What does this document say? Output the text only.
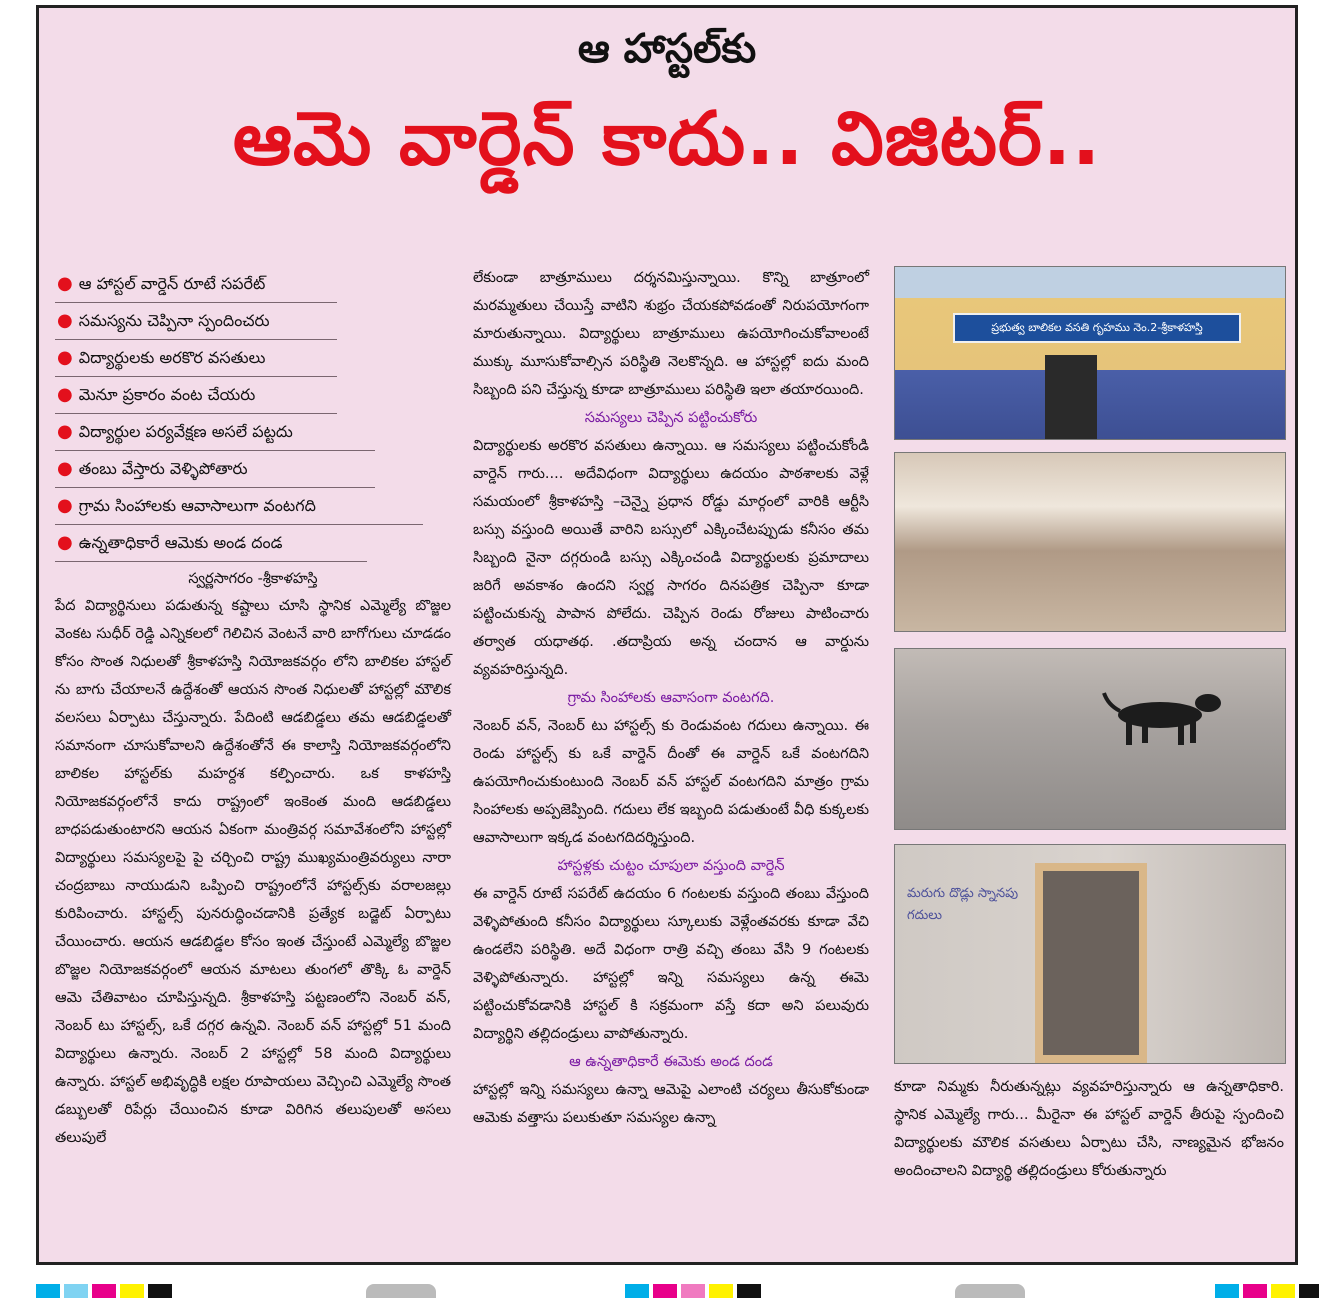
ఆ హాస్టల్‌కు
ఆమె వార్డెన్ కాదు.. విజిటర్..
● ఆ హాస్టల్ వార్డెన్ రూటే సపరేట్
● సమస్యను చెప్పినా స్పందించరు
● విద్యార్థులకు అరకొర వసతులు
● మెనూ ప్రకారం వంట చేయరు
● విద్యార్థుల పర్యవేక్షణ అసలే పట్టదు
● తంబు వేస్తారు వెళ్ళిపోతారు
● గ్రామ సింహాలకు ఆవాసాలుగా వంటగది
● ఉన్నతాధికారే ఆమెకు అండ దండ
స్వర్ణసాగరం -శ్రీకాళహస్తి

పేద విద్యార్థినులు పడుతున్న కష్టాలు చూసి స్థానిక ఎమ్మెల్యే బొజ్జల వెంకట సుధీర్ రెడ్డి ఎన్నికలలో గెలిచిన వెంటనే వారి బాగోగులు చూడడం కోసం సొంత నిధులతో శ్రీకాళహస్తి నియోజకవర్గం లోని బాలికల హాస్టల్ ను బాగు చేయాలనే ఉద్దేశంతో ఆయన సొంత నిధులతో హాస్టల్లో మౌలిక వలసలు ఏర్పాటు చేస్తున్నారు. పేదింటి ఆడబిడ్డలు తమ ఆడబిడ్డలతో సమానంగా చూసుకోవాలని ఉద్దేశంతోనే ఈ కాలాస్తి నియోజకవర్గంలోని బాలికల హాస్టల్‌కు మహర్దశ కల్పించారు. ఒక కాళహస్తి నియోజకవర్గంలోనే కాదు రాష్ట్రంలో ఇంకెంత మంది ఆడబిడ్డలు బాధపడుతుంటారని ఆయన ఏకంగా మంత్రివర్గ సమావేశంలోని హాస్టల్లో విద్యార్థులు సమస్యలపై పై చర్చించి రాష్ట్ర ముఖ్యమంత్రివర్యులు నారా చంద్రబాబు నాయుడుని ఒప్పించి రాష్ట్రంలోనే హాస్టల్స్‌కు వరాలజల్లు కురిపించారు. హాస్టల్స్ పునరుద్ధించడానికి ప్రత్యేక బడ్జెట్ ఏర్పాటు చేయించారు. ఆయన ఆడబిడ్డల కోసం ఇంత చేస్తుంటే ఎమ్మెల్యే బొజ్జల బొజ్జల నియోజకవర్గంలో ఆయన మాటలు తుంగలో తొక్కి ఓ వార్డెన్ ఆమె చేతివాటం చూపిస్తున్నది. శ్రీకాళహస్తి పట్టణంలోని నెంబర్ వన్, నెంబర్ టు హాస్టల్స్, ఒకే దగ్గర ఉన్నవి. నెంబర్ వన్ హాస్టల్లో 51 మంది విద్యార్థులు ఉన్నారు. నెంబర్ 2 హాస్టల్లో 58 మంది విద్యార్థులు ఉన్నారు. హాస్టల్ అభివృద్ధికి లక్షల రూపాయలు వెచ్చించి ఎమ్మెల్యే సొంత డబ్బులతో రిపేర్లు చేయించిన కూడా విరిగిన తలుపులతో అసలు తలుపులే

లేకుండా బాత్రూములు దర్శనమిస్తున్నాయి. కొన్ని బాత్రూంలో మరమ్మతులు చేయిస్తే వాటిని శుభ్రం చేయకపోవడంతో నిరుపయోగంగా మారుతున్నాయి. విద్యార్థులు బాత్రూములు ఉపయోగించుకోవాలంటే ముక్కు మూసుకోవాల్సిన పరిస్థితి నెలకొన్నది. ఆ హాస్టల్లో ఐదు మంది సిబ్బంది పని చేస్తున్న కూడా బాత్రూములు పరిస్థితి ఇలా తయారయింది.

సమస్యలు చెప్పిన పట్టించుకోరు

విద్యార్థులకు అరకొర వసతులు ఉన్నాయి. ఆ సమస్యలు పట్టించుకోండి వార్డెన్ గారు.... అదేవిధంగా విద్యార్థులు ఉదయం పాఠశాలకు వెళ్లే సమయంలో శ్రీకాళహస్తి –చెన్నై ప్రధాన రోడ్డు మార్గంలో వారికి ఆర్టీసి బస్సు వస్తుంది అయితే వారిని బస్సులో ఎక్కించేటప్పుడు కనీసం తమ సిబ్బంది నైనా దగ్గరుండి బస్సు ఎక్కించండి విద్యార్థులకు ప్రమాదాలు జరిగే అవకాశం ఉందని స్వర్ణ సాగరం దినపత్రిక చెప్పినా కూడా పట్టించుకున్న పాపాన పోలేదు. చెప్పిన రెండు రోజులు పాటించారు తర్వాత యధాతథ. .తదాప్రియ అన్న చందాన ఆ వార్డును వ్యవహరిస్తున్నది.

గ్రామ సింహాలకు ఆవాసంగా వంటగది.

నెంబర్ వన్, నెంబర్ టు హాస్టల్స్ కు రెండువంట గదులు ఉన్నాయి. ఈ రెండు హాస్టల్స్ కు ఒకే వార్డెన్ దీంతో ఈ వార్డెన్ ఒకే వంటగదిని ఉపయోగించుకుంటుంది నెంబర్ వన్ హాస్టల్ వంటగదిని మాత్రం గ్రామ సింహాలకు అప్పజెప్పింది. గదులు లేక ఇబ్బంది పడుతుంటే వీధి కుక్కలకు ఆవాసాలుగా ఇక్కడ వంటగదిదర్శిస్తుంది.

హాస్టళ్లకు చుట్టం చూపులా వస్తుంది వార్డెన్

ఈ వార్డెన్ రూటే సపరేట్ ఉదయం 6 గంటలకు వస్తుంది తంబు వేస్తుంది వెళ్ళిపోతుంది కనీసం విద్యార్థులు స్కూలుకు వెళ్లేంతవరకు కూడా వేచి ఉండలేని పరిస్థితి. అదే విధంగా రాత్రి వచ్చి తంబు వేసి 9 గంటలకు వెళ్ళిపోతున్నారు. హాస్టల్లో ఇన్ని సమస్యలు ఉన్న ఈమె పట్టించుకోవడానికి హాస్టల్ కి సక్రమంగా వస్తే కదా అని పలువురు విద్యార్థిని తల్లిదండ్రులు వాపోతున్నారు.

ఆ ఉన్నతాధికారే ఈమెకు అండ దండ

హాస్టల్లో ఇన్ని సమస్యలు ఉన్నా ఆమెపై ఎలాంటి చర్యలు తీసుకోకుండా ఆమెకు వత్తాసు పలుకుతూ సమస్యల ఉన్నా

ప్రభుత్వ బాలికల వసతి గృహము నెం.2-శ్రీకాళహస్తి
మరుగు దొడ్లు స్నానపు గదులు

కూడా నిమ్మకు నీరుతున్నట్లు వ్యవహరిస్తున్నారు ఆ ఉన్నతాధికారి. స్థానిక ఎమ్మెల్యే గారు... మీరైనా ఈ హాస్టల్ వార్డెన్ తీరుపై స్పందించి విద్యార్థులకు మౌలిక వసతులు ఏర్పాటు చేసి, నాణ్యమైన భోజనం అందించాలని విద్యార్థి తల్లిదండ్రులు కోరుతున్నారు
